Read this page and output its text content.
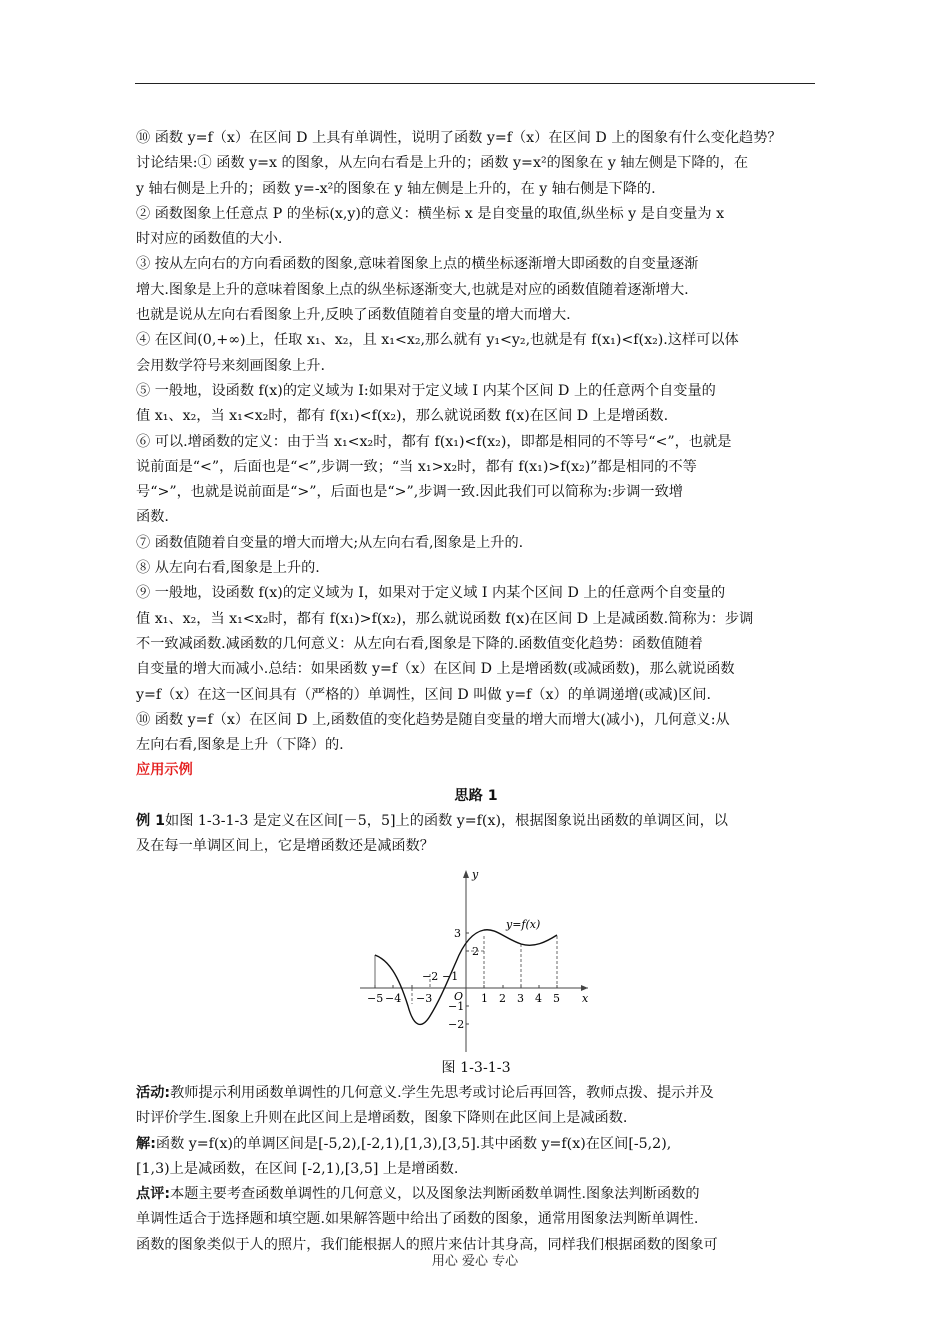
⑩ 函数 y=f（x）在区间 D 上具有单调性，说明了函数 y=f（x）在区间 D 上的图象有什么变化趋势？

讨论结果:① 函数 y=x 的图象，从左向右看是上升的；函数 y=x²的图象在 y 轴左侧是下降的，在

y 轴右侧是上升的；函数 y=-x²的图象在 y 轴左侧是上升的，在 y 轴右侧是下降的.

② 函数图象上任意点 P 的坐标(x,y)的意义：横坐标 x 是自变量的取值,纵坐标 y 是自变量为 x

时对应的函数值的大小.

③ 按从左向右的方向看函数的图象,意味着图象上点的横坐标逐渐增大即函数的自变量逐渐

增大.图象是上升的意味着图象上点的纵坐标逐渐变大,也就是对应的函数值随着逐渐增大.

也就是说从左向右看图象上升,反映了函数值随着自变量的增大而增大.

④ 在区间(0,+∞)上，任取 x₁、x₂，且 x₁<x₂,那么就有 y₁<y₂,也就是有 f(x₁)<f(x₂).这样可以体

会用数学符号来刻画图象上升.

⑤ 一般地，设函数 f(x)的定义域为 I:如果对于定义域 I 内某个区间 D 上的任意两个自变量的

值 x₁、x₂，当 x₁<x₂时，都有 f(x₁)<f(x₂)，那么就说函数 f(x)在区间 D 上是增函数.

⑥ 可以.增函数的定义：由于当 x₁<x₂时，都有 f(x₁)<f(x₂)，即都是相同的不等号“<”，也就是

说前面是“<”，后面也是“<”,步调一致；“当 x₁>x₂时，都有 f(x₁)>f(x₂)”都是相同的不等

号“>”，也就是说前面是“>”，后面也是“>”,步调一致.因此我们可以简称为:步调一致增

函数.

⑦ 函数值随着自变量的增大而增大;从左向右看,图象是上升的.

⑧ 从左向右看,图象是上升的.

⑨ 一般地，设函数 f(x)的定义域为 I，如果对于定义域 I 内某个区间 D 上的任意两个自变量的

值 x₁、x₂，当 x₁<x₂时，都有 f(x₁)>f(x₂)，那么就说函数 f(x)在区间 D 上是减函数.简称为：步调

不一致减函数.减函数的几何意义：从左向右看,图象是下降的.函数值变化趋势：函数值随着

自变量的增大而减小.总结：如果函数 y=f（x）在区间 D 上是增函数(或减函数)，那么就说函数

y=f（x）在这一区间具有（严格的）单调性，区间 D 叫做 y=f（x）的单调递增(或减)区间.

⑩ 函数 y=f（x）在区间 D 上,函数值的变化趋势是随自变量的增大而增大(减小)，几何意义:从

左向右看,图象是上升（下降）的.

应用示例

思路 1

例 1如图 1-3-1-3 是定义在区间[－5，5]上的函数 y=f(x)，根据图象说出函数的单调区间，以

及在每一单调区间上，它是增函数还是减函数？

x
y
O
−5 −4 −3	1 2 3 4 5
3
2
−1
−2
−2 −1
y=f(x)

图 1-3-1-3

活动:教师提示利用函数单调性的几何意义.学生先思考或讨论后再回答，教师点拨、提示并及

时评价学生.图象上升则在此区间上是增函数，图象下降则在此区间上是减函数.

解:函数 y=f(x)的单调区间是[-5,2),[-2,1),[1,3),[3,5].其中函数 y=f(x)在区间[-5,2),

[1,3)上是减函数，在区间 [-2,1),[3,5] 上是增函数.

点评:本题主要考查函数单调性的几何意义，以及图象法判断函数单调性.图象法判断函数的

单调性适合于选择题和填空题.如果解答题中给出了函数的图象，通常用图象法判断单调性.

函数的图象类似于人的照片，我们能根据人的照片来估计其身高，同样我们根据函数的图象可

用心 爱心 专心
